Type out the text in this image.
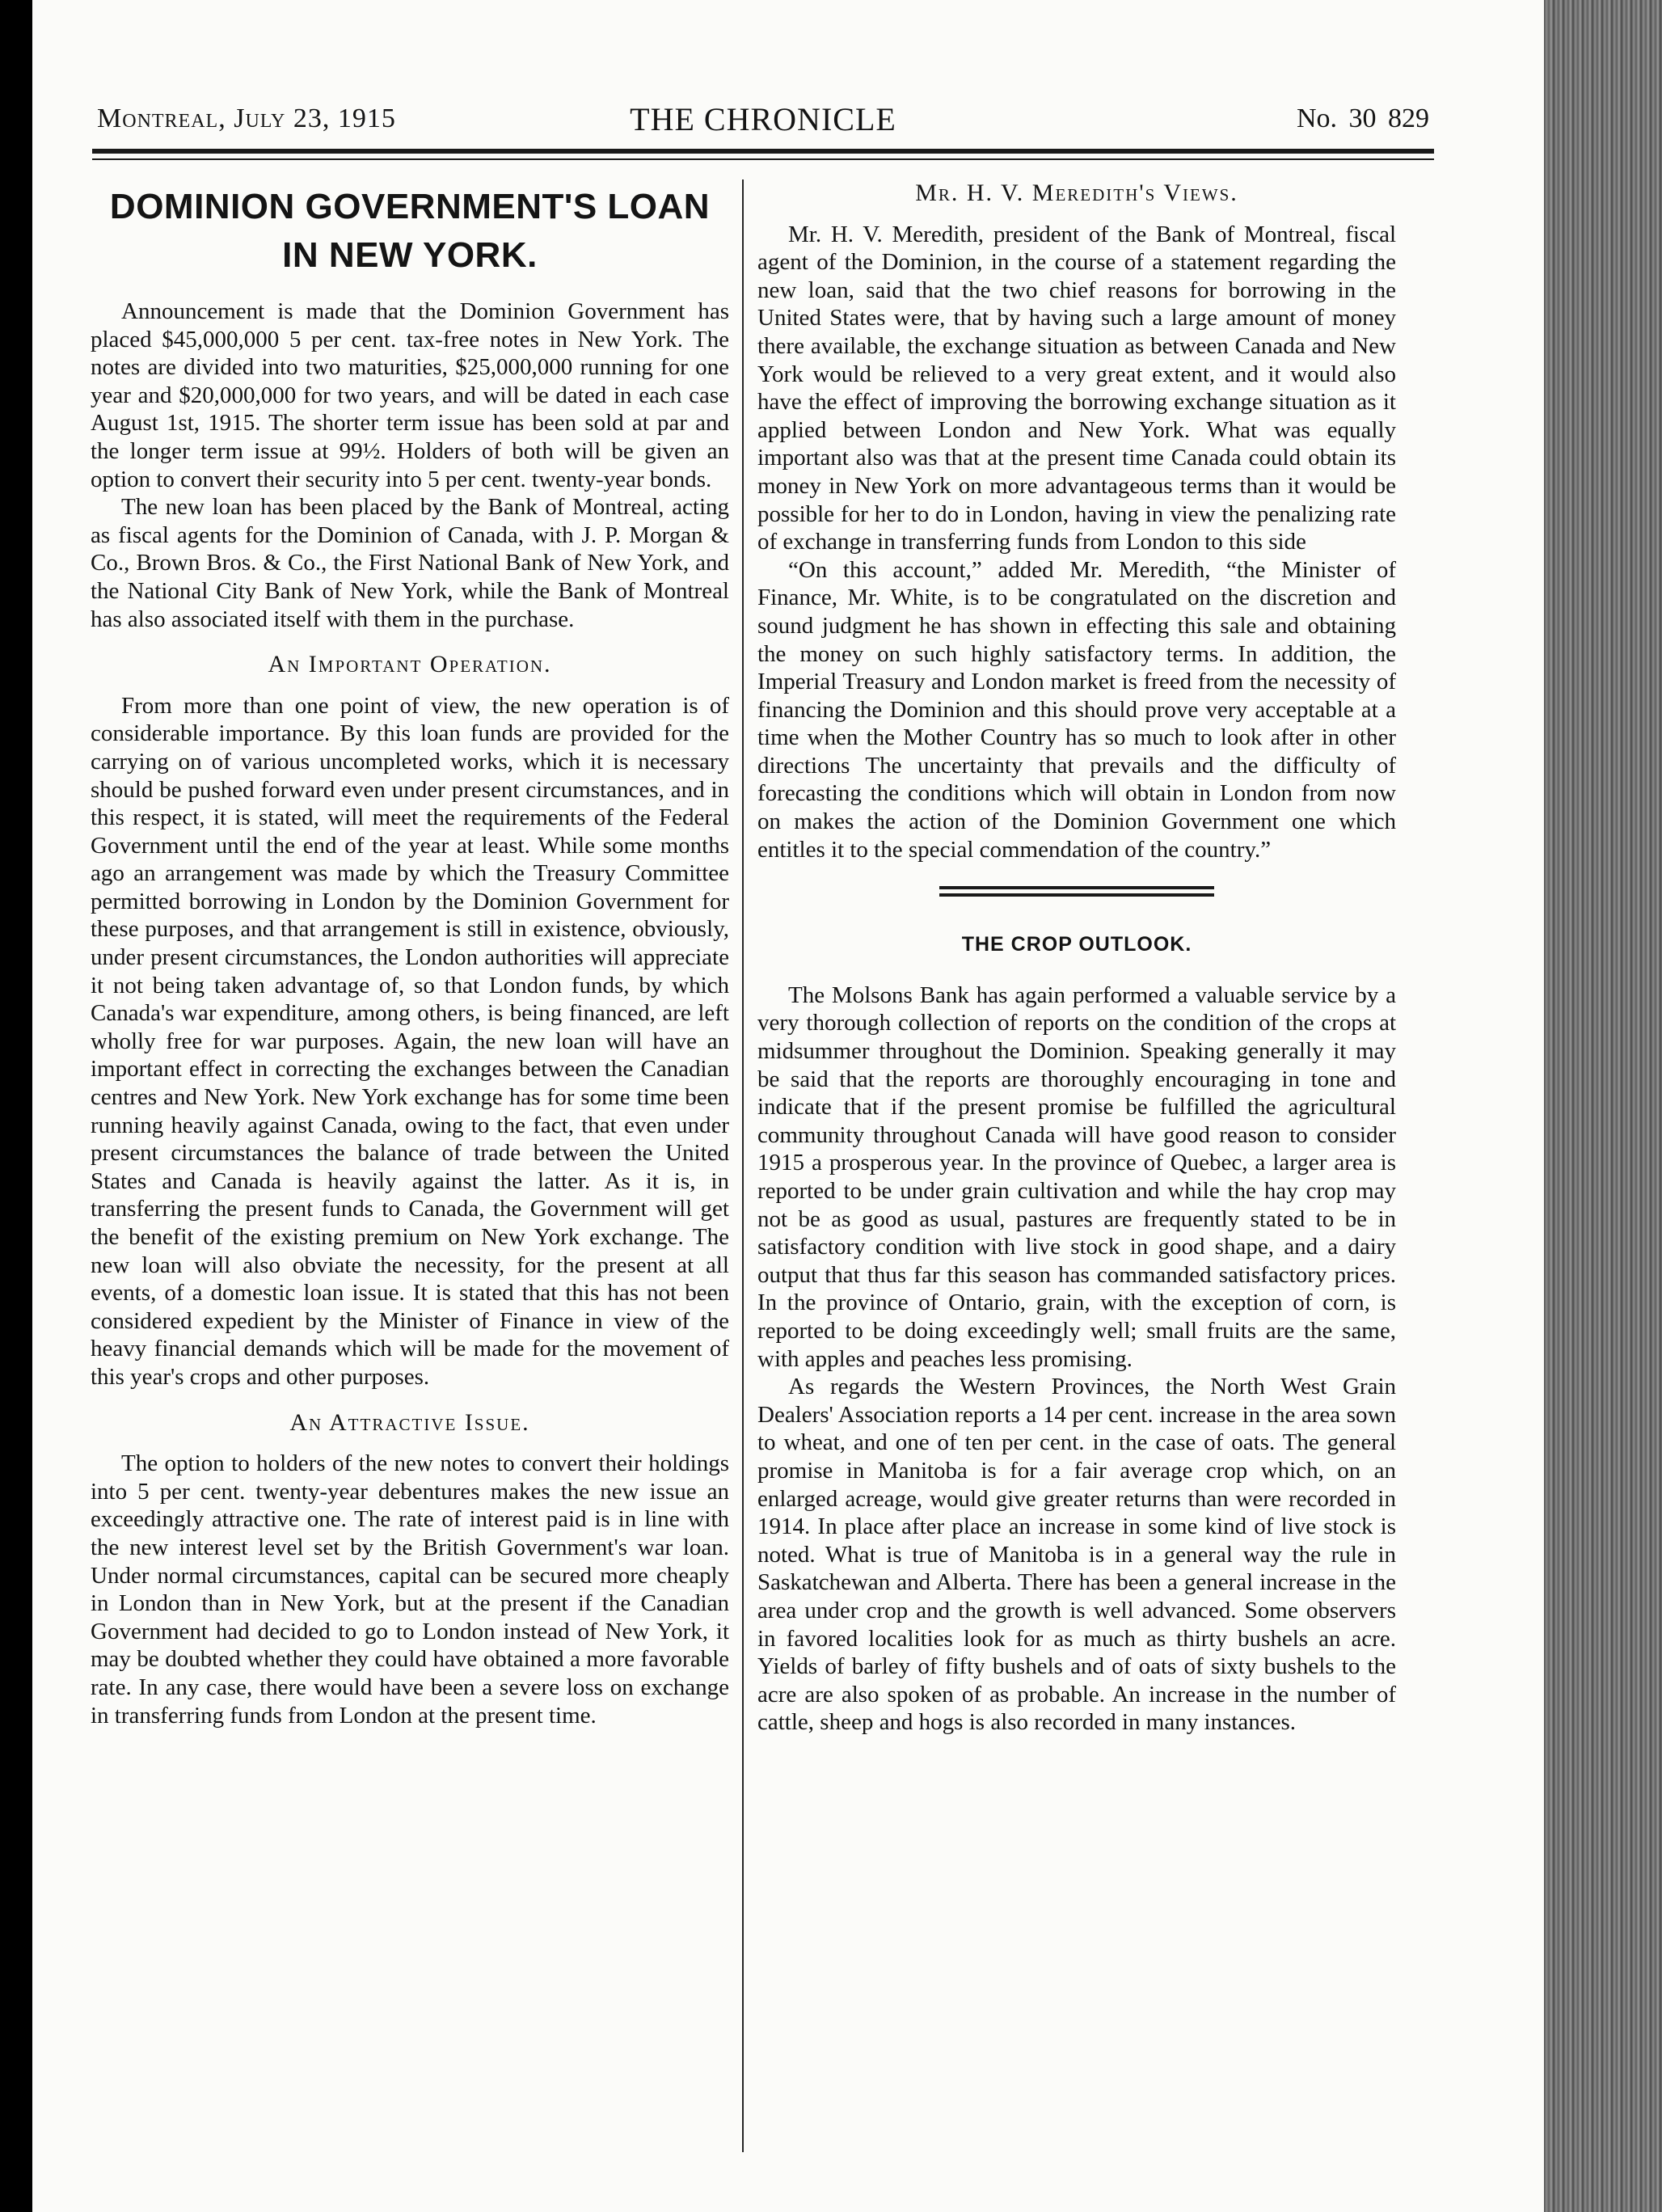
Montreal, July 23, 1915	THE CHRONICLE	No. 30 829
DOMINION GOVERNMENT'S LOAN IN NEW YORK.

Announcement is made that the Dominion Government has placed $45,000,000 5 per cent. tax-free notes in New York. The notes are divided into two maturities, $25,000,000 running for one year and $20,000,000 for two years, and will be dated in each case August 1st, 1915. The shorter term issue has been sold at par and the longer term issue at 99½. Holders of both will be given an option to convert their security into 5 per cent. twenty-year bonds.

The new loan has been placed by the Bank of Montreal, acting as fiscal agents for the Dominion of Canada, with J. P. Morgan & Co., Brown Bros. & Co., the First National Bank of New York, and the National City Bank of New York, while the Bank of Montreal has also associated itself with them in the purchase.

An Important Operation.

From more than one point of view, the new operation is of considerable importance. By this loan funds are provided for the carrying on of various uncompleted works, which it is necessary should be pushed forward even under present circumstances, and in this respect, it is stated, will meet the requirements of the Federal Government until the end of the year at least. While some months ago an arrangement was made by which the Treasury Committee permitted borrowing in London by the Dominion Government for these purposes, and that arrangement is still in existence, obviously, under present circumstances, the London authorities will appreciate it not being taken advantage of, so that London funds, by which Canada's war expenditure, among others, is being financed, are left wholly free for war purposes. Again, the new loan will have an important effect in correcting the exchanges between the Canadian centres and New York. New York exchange has for some time been running heavily against Canada, owing to the fact, that even under present circumstances the balance of trade between the United States and Canada is heavily against the latter. As it is, in transferring the present funds to Canada, the Government will get the benefit of the existing premium on New York exchange. The new loan will also obviate the necessity, for the present at all events, of a domestic loan issue. It is stated that this has not been considered expedient by the Minister of Finance in view of the heavy financial demands which will be made for the movement of this year's crops and other purposes.

An Attractive Issue.

The option to holders of the new notes to convert their holdings into 5 per cent. twenty-year debentures makes the new issue an exceedingly attractive one. The rate of interest paid is in line with the new interest level set by the British Government's war loan. Under normal circumstances, capital can be secured more cheaply in London than in New York, but at the present if the Canadian Government had decided to go to London instead of New York, it may be doubted whether they could have obtained a more favorable rate. In any case, there would have been a severe loss on exchange in transferring funds from London at the present time.

Mr. H. V. Meredith's Views.

Mr. H. V. Meredith, president of the Bank of Montreal, fiscal agent of the Dominion, in the course of a statement regarding the new loan, said that the two chief reasons for borrowing in the United States were, that by having such a large amount of money there available, the exchange situation as between Canada and New York would be relieved to a very great extent, and it would also have the effect of improving the borrowing exchange situation as it applied between London and New York. What was equally important also was that at the present time Canada could obtain its money in New York on more advantageous terms than it would be possible for her to do in London, having in view the penalizing rate of exchange in transferring funds from London to this side

“On this account,” added Mr. Meredith, “the Minister of Finance, Mr. White, is to be congratulated on the discretion and sound judgment he has shown in effecting this sale and obtaining the money on such highly satisfactory terms. In addition, the Imperial Treasury and London market is freed from the necessity of financing the Dominion and this should prove very acceptable at a time when the Mother Country has so much to look after in other directions The uncertainty that prevails and the difficulty of forecasting the conditions which will obtain in London from now on makes the action of the Dominion Government one which entitles it to the special commendation of the country.”

THE CROP OUTLOOK.

The Molsons Bank has again performed a valuable service by a very thorough collection of reports on the condition of the crops at midsummer throughout the Dominion. Speaking generally it may be said that the reports are thoroughly encouraging in tone and indicate that if the present promise be fulfilled the agricultural community throughout Canada will have good reason to consider 1915 a prosperous year. In the province of Quebec, a larger area is reported to be under grain cultivation and while the hay crop may not be as good as usual, pastures are frequently stated to be in satisfactory condition with live stock in good shape, and a dairy output that thus far this season has commanded satisfactory prices. In the province of Ontario, grain, with the exception of corn, is reported to be doing exceedingly well; small fruits are the same, with apples and peaches less promising.

As regards the Western Provinces, the North West Grain Dealers' Association reports a 14 per cent. increase in the area sown to wheat, and one of ten per cent. in the case of oats. The general promise in Manitoba is for a fair average crop which, on an enlarged acreage, would give greater returns than were recorded in 1914. In place after place an increase in some kind of live stock is noted. What is true of Manitoba is in a general way the rule in Saskatchewan and Alberta. There has been a general increase in the area under crop and the growth is well advanced. Some observers in favored localities look for as much as thirty bushels an acre. Yields of barley of fifty bushels and of oats of sixty bushels to the acre are also spoken of as probable. An increase in the number of cattle, sheep and hogs is also recorded in many instances.
